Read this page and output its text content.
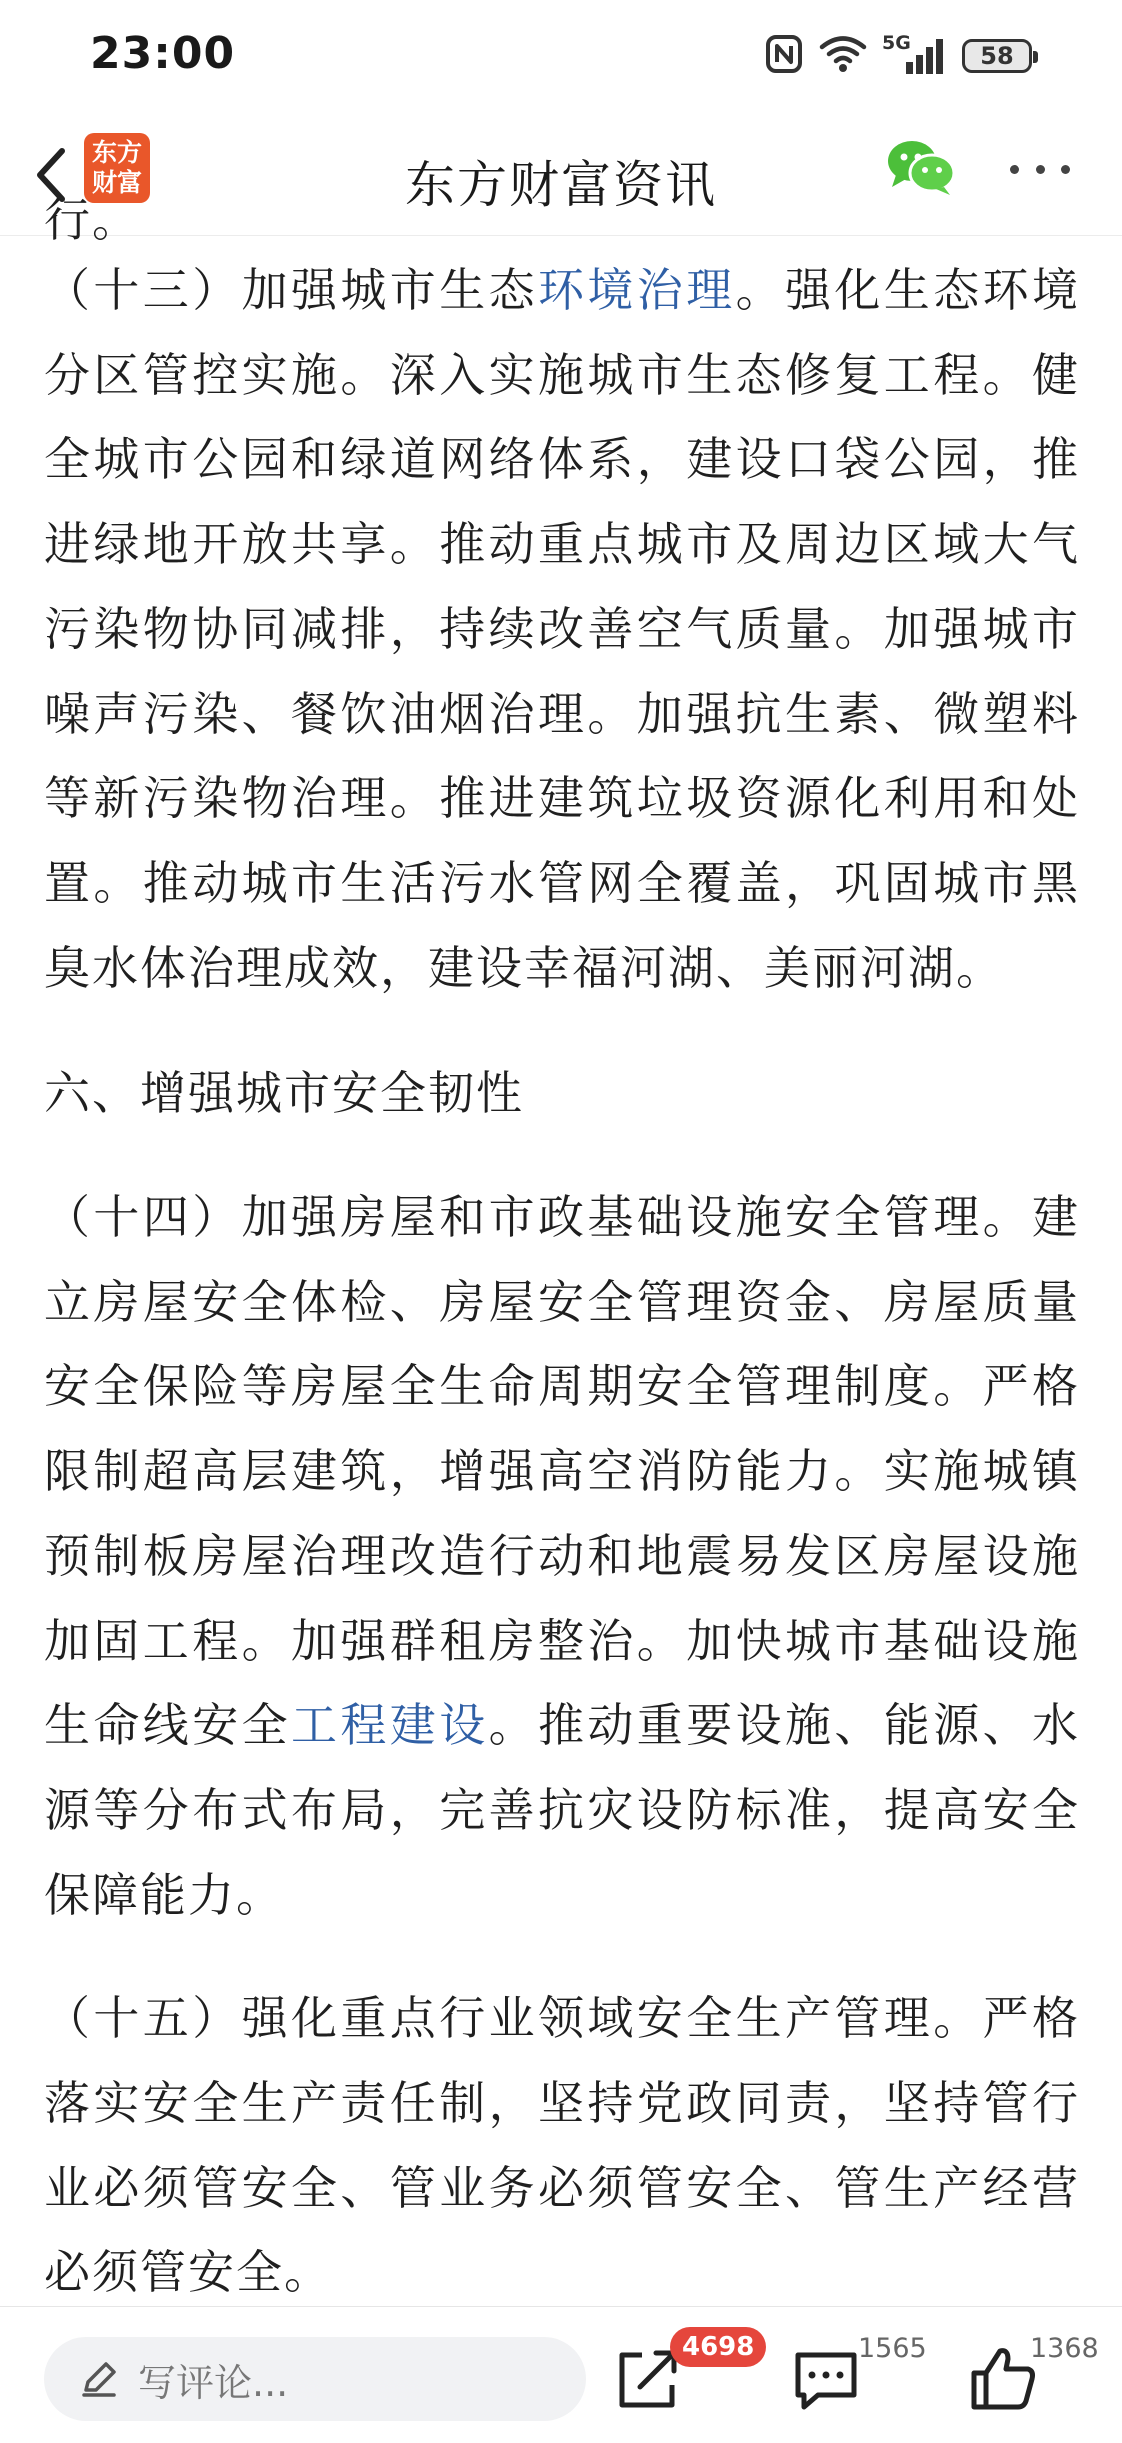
23:00	5G	58
东方财富	东方财富资讯

（十三）加强城市生态环境治理。强化生态环境分区管控实施。深入实施城市生态修复工程。健全城市公园和绿道网络体系，建设口袋公园，推进绿地开放共享。推动重点城市及周边区域大气污染物协同减排，持续改善空气质量。加强城市噪声污染、餐饮油烟治理。加强抗生素、微塑料等新污染物治理。推进建筑垃圾资源化利用和处置。推动城市生活污水管网全覆盖，巩固城市黑臭水体治理成效，建设幸福河湖、美丽河湖。

六、增强城市安全韧性

（十四）加强房屋和市政基础设施安全管理。建立房屋安全体检、房屋安全管理资金、房屋质量安全保险等房屋全生命周期安全管理制度。严格限制超高层建筑，增强高空消防能力。实施城镇预制板房屋治理改造行动和地震易发区房屋设施加固工程。加强群租房整治。加快城市基础设施生命线安全工程建设。推动重要设施、能源、水源等分布式布局，完善抗灾设防标准，提高安全保障能力。

（十五）强化重点行业领域安全生产管理。严格落实安全生产责任制，坚持党政同责，坚持管行业必须管安全、管业务必须管安全、管生产经营必须管安全。

写评论...
4698	1565	1368
